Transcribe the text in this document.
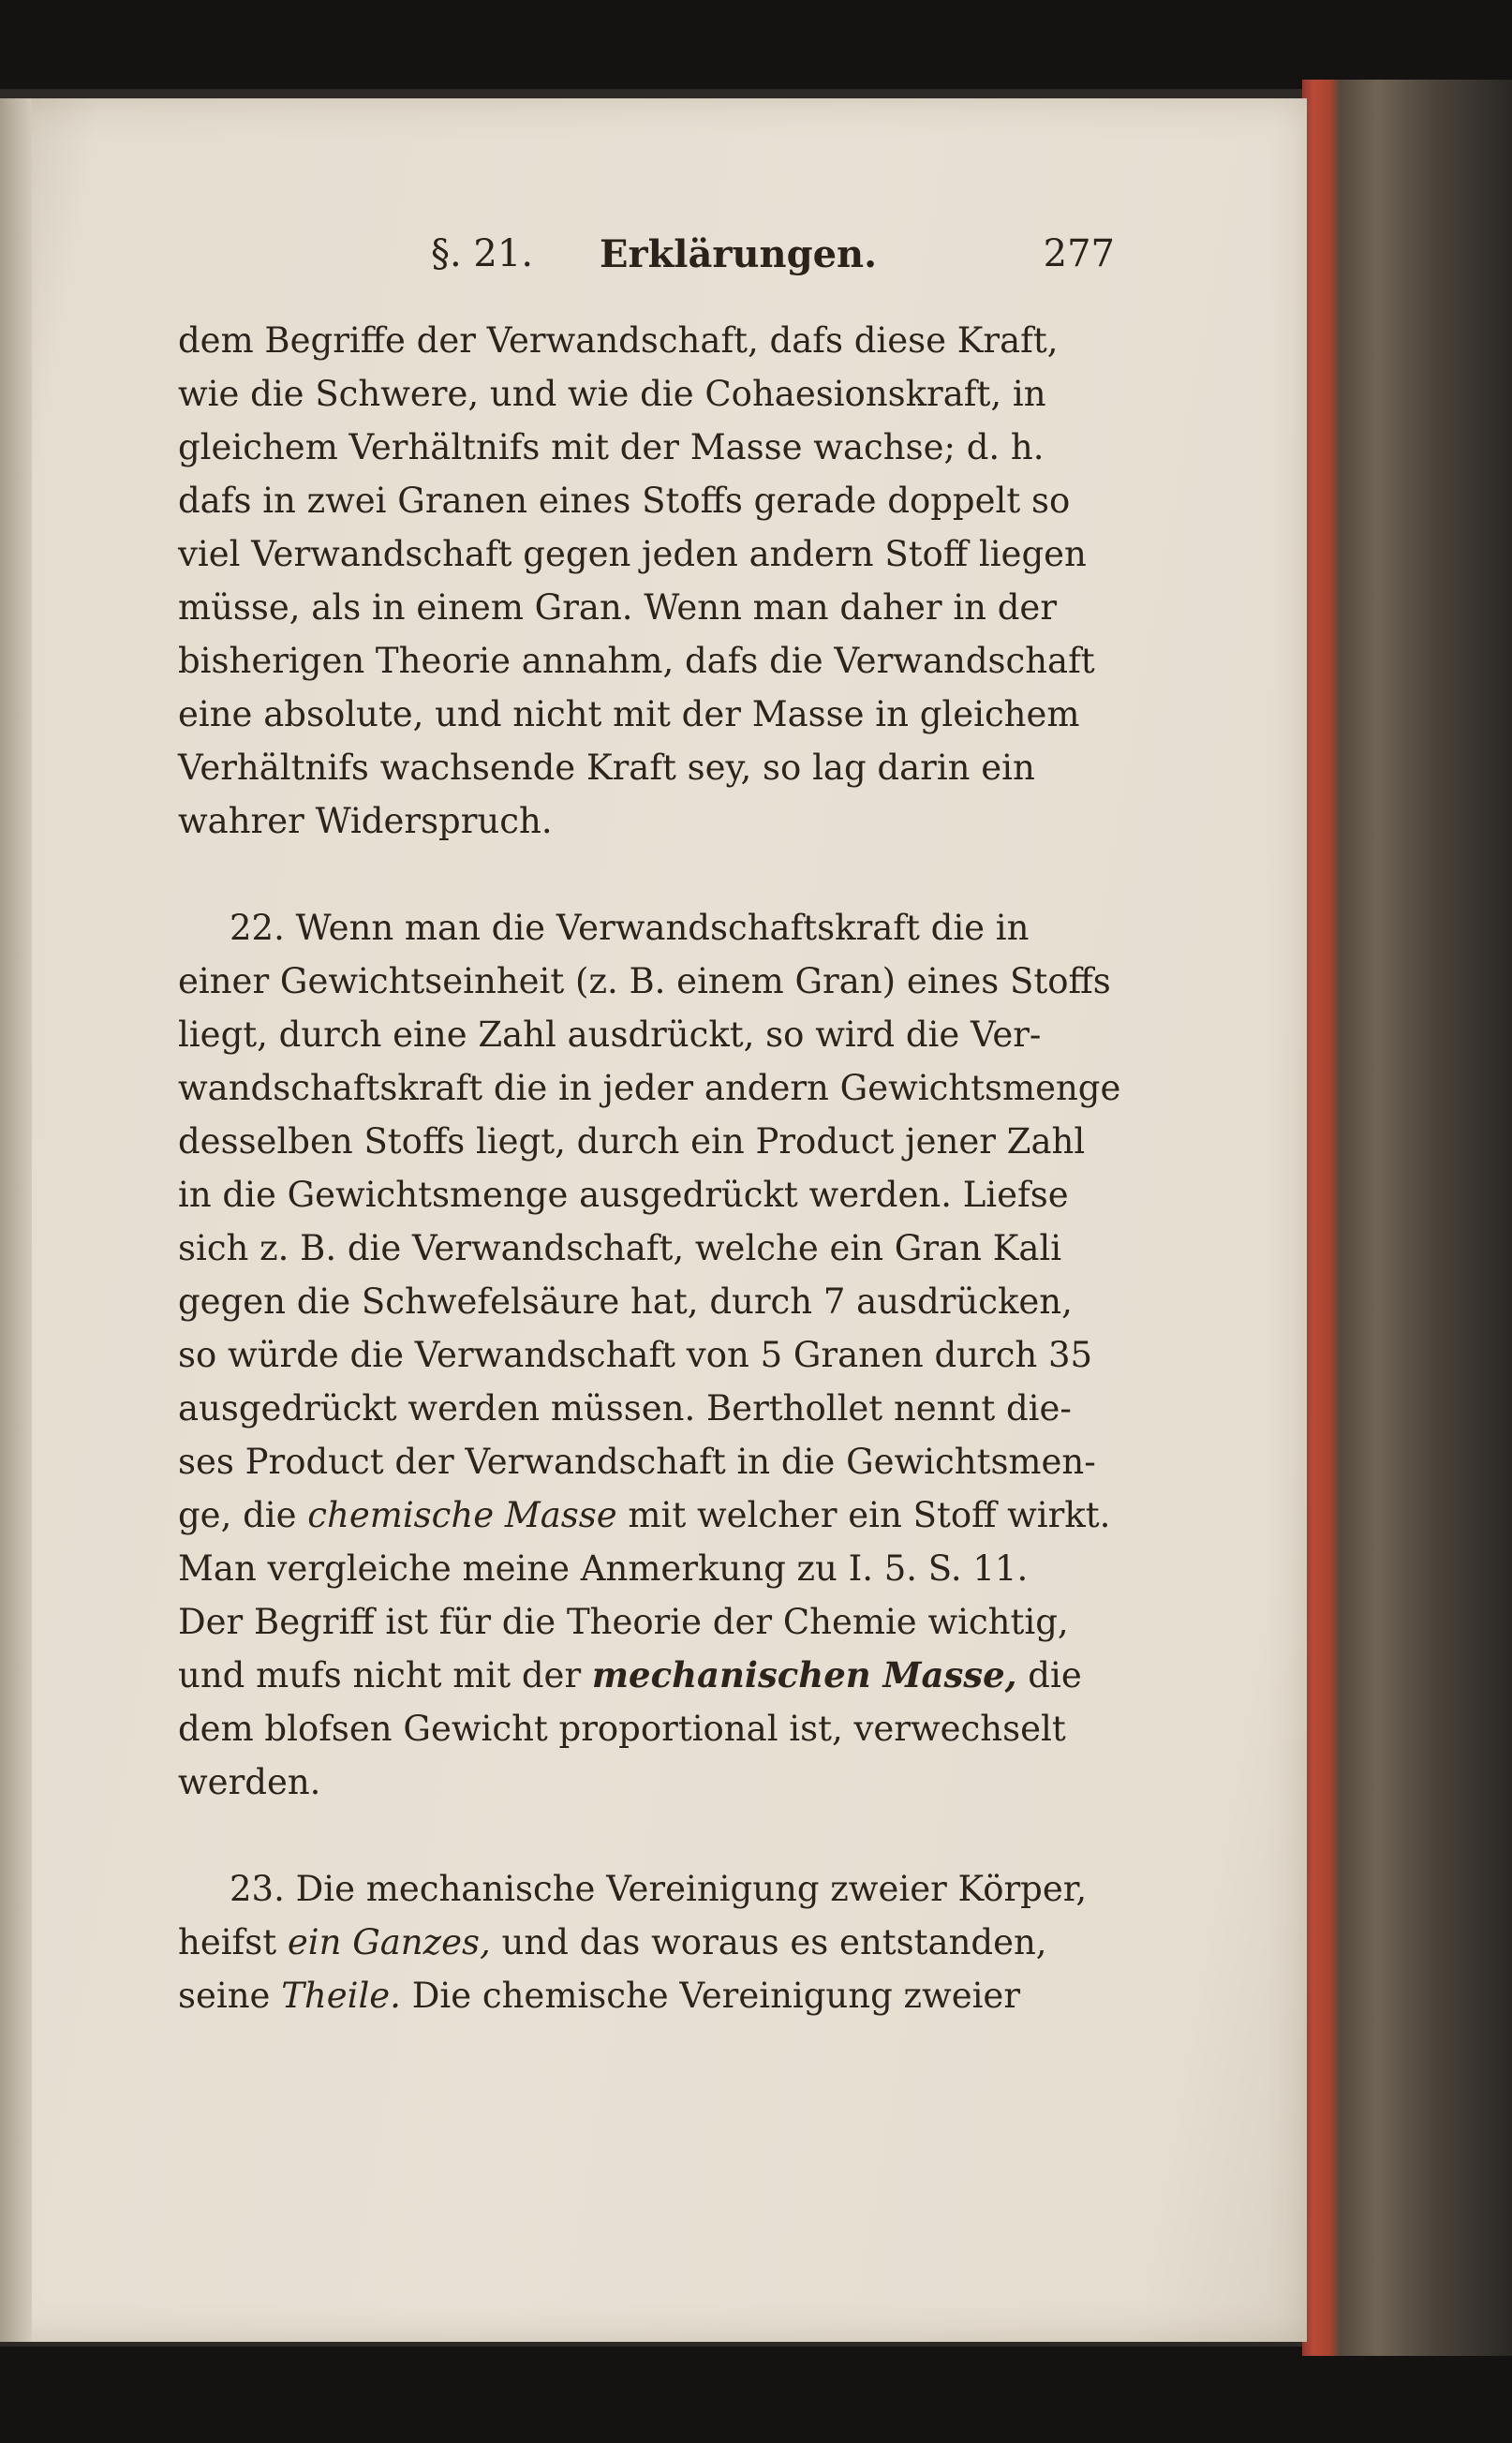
§. 21. Erklärungen.	277
dem Begriffe der Verwandschaft, dafs diese Kraft,
wie die Schwere, und wie die Cohaesionskraft, in
gleichem Verhältnifs mit der Masse wachse; d. h.
dafs in zwei Granen eines Stoffs gerade doppelt so
viel Verwandschaft gegen jeden andern Stoff liegen
müsse, als in einem Gran. Wenn man daher in der
bisherigen Theorie annahm, dafs die Verwandschaft
eine absolute, und nicht mit der Masse in gleichem
Verhältnifs wachsende Kraft sey, so lag darin ein
wahrer Widerspruch.
22. Wenn man die Verwandschaftskraft die in
einer Gewichtseinheit (z. B. einem Gran) eines Stoffs
liegt, durch eine Zahl ausdrückt, so wird die Ver-
wandschaftskraft die in jeder andern Gewichtsmenge
desselben Stoffs liegt, durch ein Product jener Zahl
in die Gewichtsmenge ausgedrückt werden. Liefse
sich z. B. die Verwandschaft, welche ein Gran Kali
gegen die Schwefelsäure hat, durch 7 ausdrücken,
so würde die Verwandschaft von 5 Granen durch 35
ausgedrückt werden müssen. Berthollet nennt die-
ses Product der Verwandschaft in die Gewichtsmen-
ge, die chemische Masse mit welcher ein Stoff wirkt.
Man vergleiche meine Anmerkung zu I. 5. S. 11.
Der Begriff ist für die Theorie der Chemie wichtig,
und mufs nicht mit der mechanischen Masse, die
dem blofsen Gewicht proportional ist, verwechselt
werden.
23. Die mechanische Vereinigung zweier Körper,
heifst ein Ganzes, und das woraus es entstanden,
seine Theile. Die chemische Vereinigung zweier
